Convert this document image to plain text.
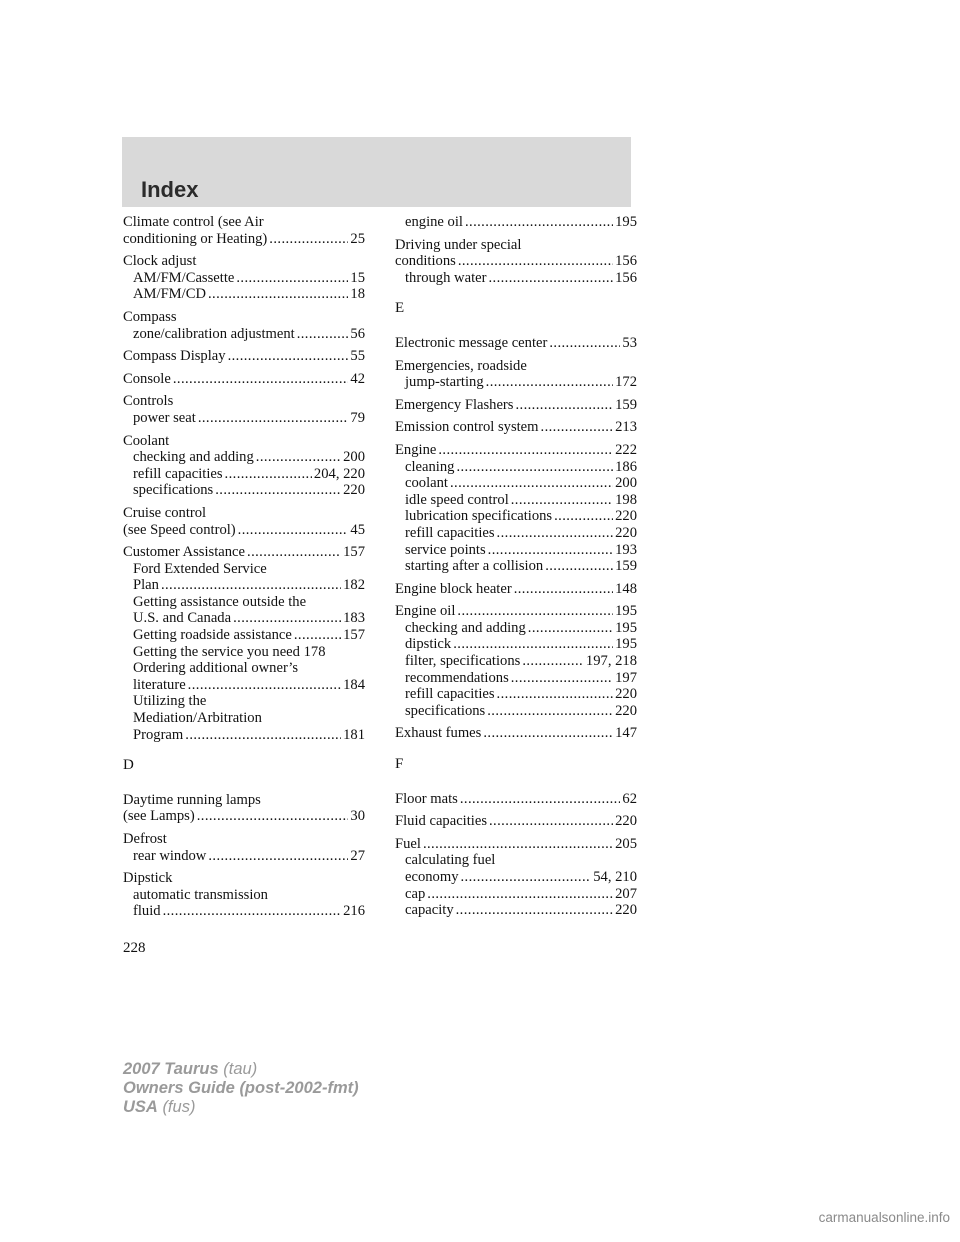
Index
Climate control (see Air
conditioning or Heating) .....	25
Clock adjust
AM/FM/Cassette .....	15
AM/FM/CD .....	18
Compass
zone/calibration adjustment .....	56
Compass Display .....	55
Console .....	42
Controls
power seat .....	79
Coolant
checking and adding .....	200
refill capacities .....	204, 220
specifications .....	220
Cruise control
(see Speed control) .....	45
Customer Assistance .....	157
Ford Extended Service
Plan .....	182
Getting assistance outside the
U.S. and Canada .....	183
Getting roadside assistance .....	157
Getting the service you need 178
Ordering additional owner’s
literature .....	184
Utilizing the
Mediation/Arbitration
Program .....	181
D
Daytime running lamps
(see Lamps) .....	30
Defrost
rear window .....	27
Dipstick
automatic transmission
fluid .....	216
engine oil .....	195
Driving under special
conditions .....	156
through water .....	156
E
Electronic message center .....	53
Emergencies, roadside
jump-starting .....	172
Emergency Flashers .....	159
Emission control system .....	213
Engine .....	222
cleaning .....	186
coolant .....	200
idle speed control .....	198
lubrication specifications .....	220
refill capacities .....	220
service points .....	193
starting after a collision .....	159
Engine block heater .....	148
Engine oil .....	195
checking and adding .....	195
dipstick .....	195
filter, specifications .....	197, 218
recommendations .....	197
refill capacities .....	220
specifications .....	220
Exhaust fumes .....	147
F
Floor mats .....	62
Fluid capacities .....	220
Fuel .....	205
calculating fuel
economy .....	54, 210
cap .....	207
capacity .....	220
228
2007 Taurus (tau)
Owners Guide (post-2002-fmt)
USA (fus)
carmanualsonline.info
